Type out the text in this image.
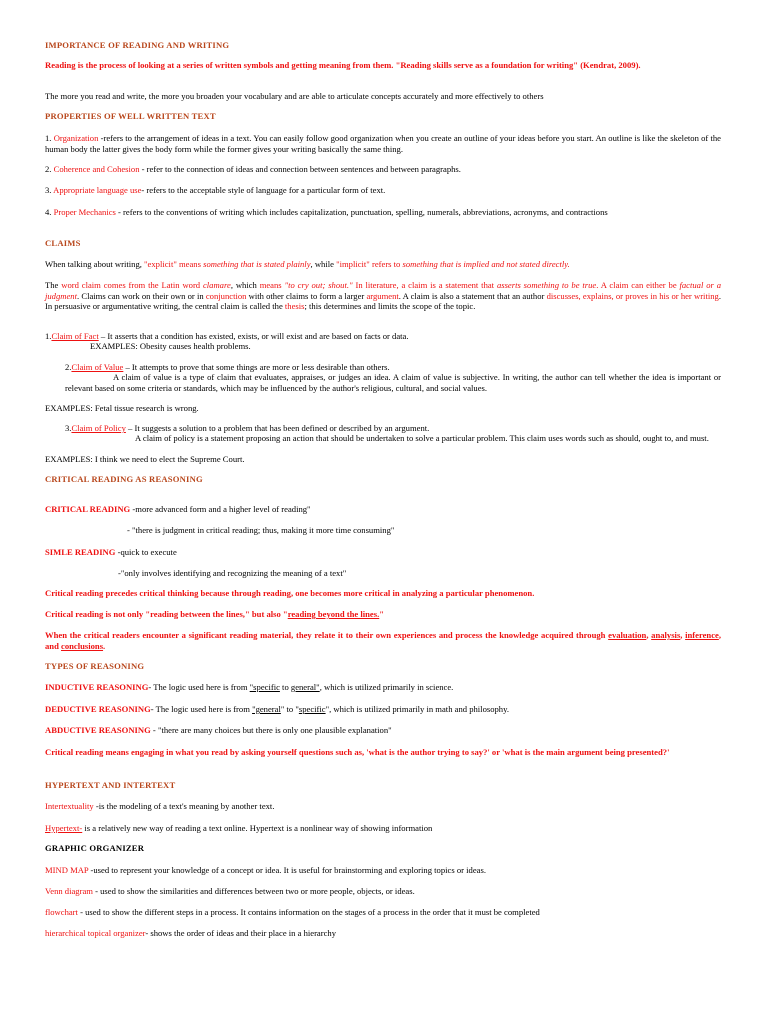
IMPORTANCE OF READING AND WRITING
Reading is the process of looking at a series of written symbols and getting meaning from them. "Reading skills serve as a foundation for writing" (Kendrat, 2009).
The more you read and write, the more you broaden your vocabulary and are able to articulate concepts accurately and more effectively to others
PROPERTIES OF WELL WRITTEN TEXT
1. Organization -refers to the arrangement of ideas in a text. You can easily follow good organization when you create an outline of your ideas before you start. An outline is like the skeleton of the human body the latter gives the body form while the former gives your writing basically the same thing.
2. Coherence and Cohesion - refer to the connection of ideas and connection between sentences and between paragraphs.
3. Appropriate language use- refers to the acceptable style of language for a particular form of text.
4. Proper Mechanics - refers to the conventions of writing which includes capitalization, punctuation, spelling, numerals, abbreviations, acronyms, and contractions
CLAIMS
When talking about writing, "explicit" means something that is stated plainly, while "implicit" refers to something that is implied and not stated directly.
The word claim comes from the Latin word clamare, which means "to cry out; shout." In literature, a claim is a statement that asserts something to be true. A claim can either be factual or a judgment. Claims can work on their own or in conjunction with other claims to form a larger argument. A claim is also a statement that an author discusses, explains, or proves in his or her writing. In persuasive or argumentative writing, the central claim is called the thesis; this determines and limits the scope of the topic.
1.Claim of Fact – It asserts that a condition has existed, exists, or will exist and are based on facts or data.
EXAMPLES: Obesity causes health problems.
2.Claim of Value – It attempts to prove that some things are more or less desirable than others.
A claim of value is a type of claim that evaluates, appraises, or judges an idea. A claim of value is subjective. In writing, the author can tell whether the idea is important or relevant based on some criteria or standards, which may be influenced by the author's religious, cultural, and social values.
EXAMPLES: Fetal tissue research is wrong.
3.Claim of Policy – It suggests a solution to a problem that has been defined or described by an argument.
A claim of policy is a statement proposing an action that should be undertaken to solve a particular problem. This claim uses words such as should, ought to, and must.
EXAMPLES: I think we need to elect the Supreme Court.
CRITICAL READING AS REASONING
CRITICAL READING -more advanced form and a higher level of reading"
- "there is judgment in critical reading; thus, making it more time consuming"
SIMLE READING -quick to execute
-"only involves identifying and recognizing the meaning of a text"
Critical reading precedes critical thinking because through reading, one becomes more critical in analyzing a particular phenomenon.
Critical reading is not only "reading between the lines," but also "reading beyond the lines."
When the critical readers encounter a significant reading material, they relate it to their own experiences and process the knowledge acquired through evaluation, analysis, inference, and conclusions.
TYPES OF REASONING
INDUCTIVE REASONING- The logic used here is from "specific to general", which is utilized primarily in science.
DEDUCTIVE REASONING- The logic used here is from "general" to "specific", which is utilized primarily in math and philosophy.
ABDUCTIVE REASONING - "there are many choices but there is only one plausible explanation"
Critical reading means engaging in what you read by asking yourself questions such as, 'what is the author trying to say?' or 'what is the main argument being presented?'
HYPERTEXT AND INTERTEXT
Intertextuality -is the modeling of a text's meaning by another text.
Hypertext- is a relatively new way of reading a text online. Hypertext is a nonlinear way of showing information
GRAPHIC ORGANIZER
MIND MAP -used to represent your knowledge of a concept or idea. It is useful for brainstorming and exploring topics or ideas.
Venn diagram - used to show the similarities and differences between two or more people, objects, or ideas.
flowchart - used to show the different steps in a process. It contains information on the stages of a process in the order that it must be completed
hierarchical topical organizer- shows the order of ideas and their place in a hierarchy
